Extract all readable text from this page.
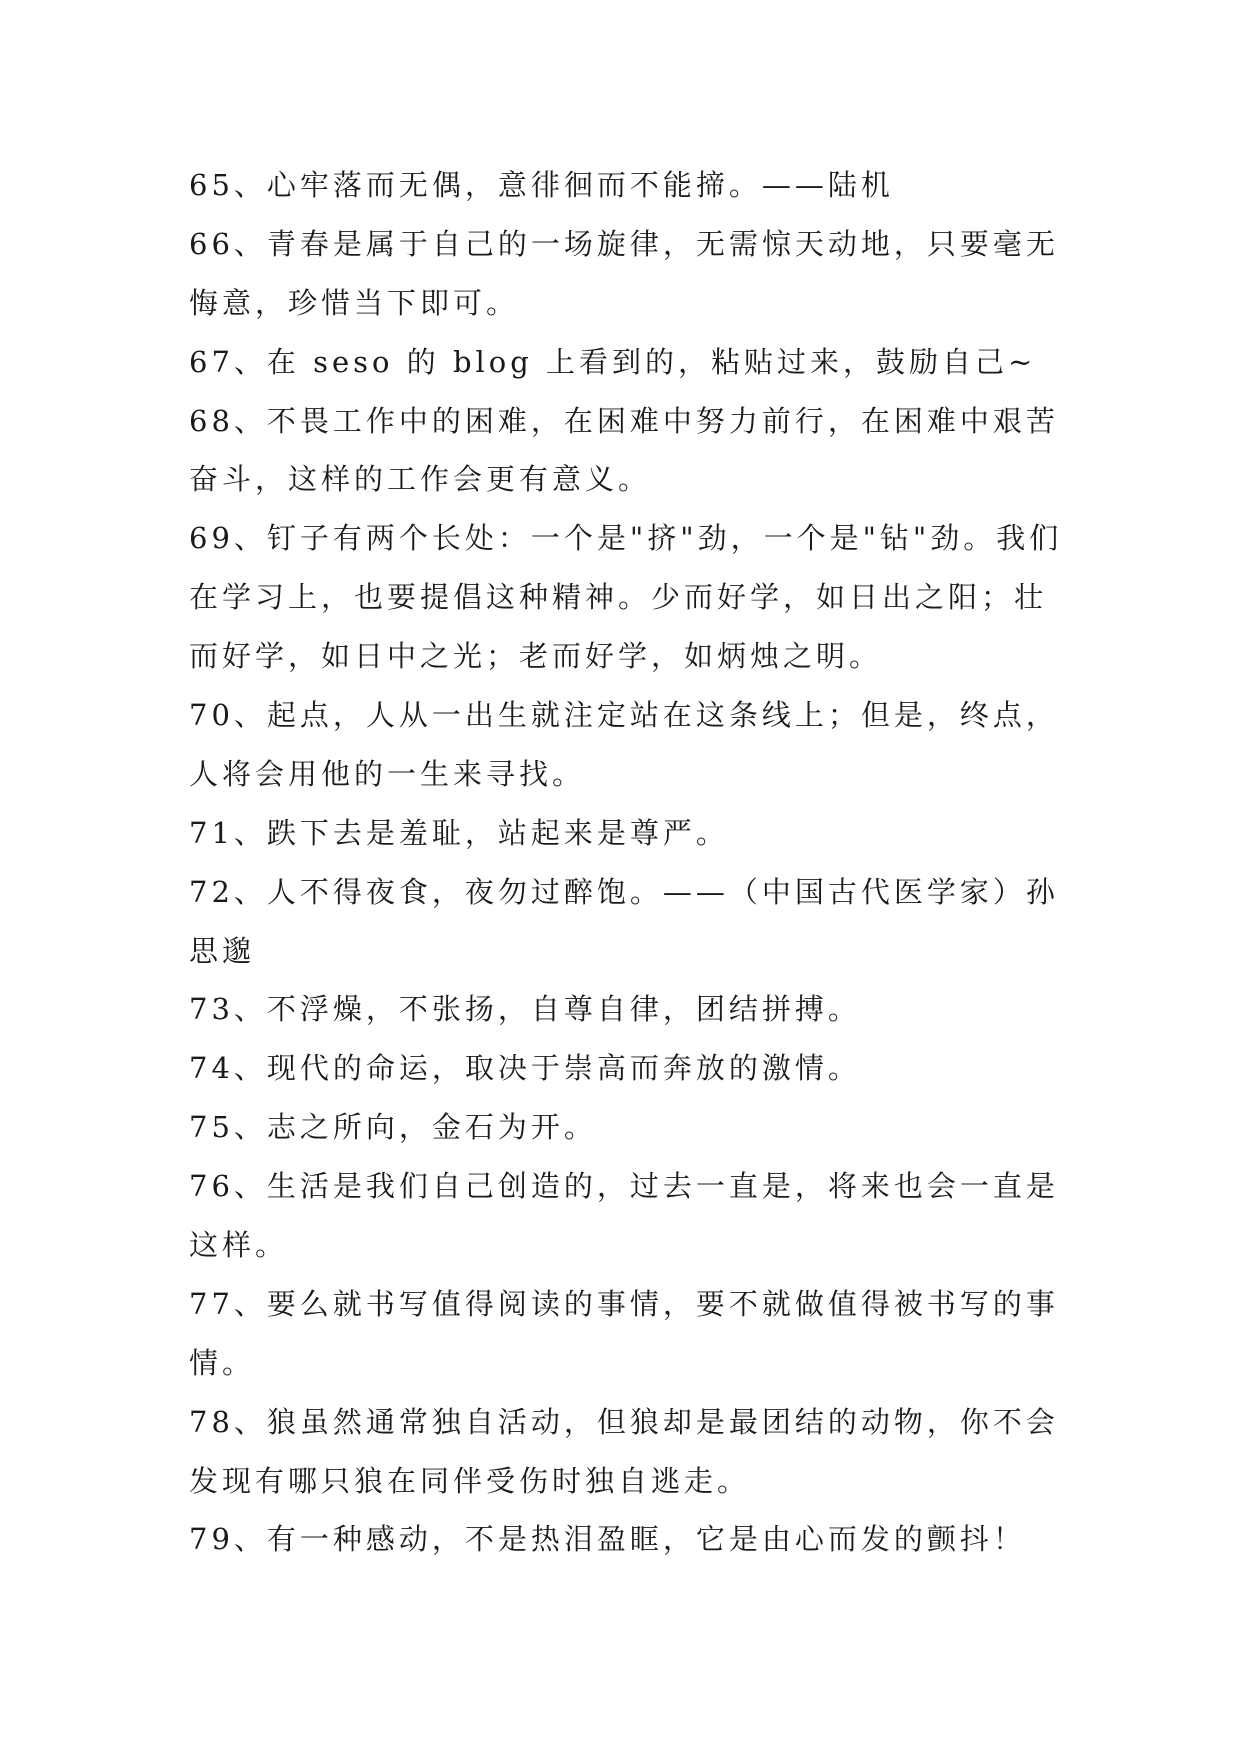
65、心牢落而无偶，意徘徊而不能揥。——陆机
66、青春是属于自己的一场旋律，无需惊天动地，只要毫无
悔意，珍惜当下即可。
67、在 seso 的 blog 上看到的，粘贴过来，鼓励自己~
68、不畏工作中的困难，在困难中努力前行，在困难中艰苦
奋斗，这样的工作会更有意义。
69、钉子有两个长处：一个是"挤"劲，一个是"钻"劲。我们
在学习上，也要提倡这种精神。少而好学，如日出之阳；壮
而好学，如日中之光；老而好学，如炳烛之明。
70、起点，人从一出生就注定站在这条线上；但是，终点，
人将会用他的一生来寻找。
71、跌下去是羞耻，站起来是尊严。
72、人不得夜食，夜勿过醉饱。——（中国古代医学家）孙
思邈
73、不浮燥，不张扬，自尊自律，团结拼搏。
74、现代的命运，取决于崇高而奔放的激情。
75、志之所向，金石为开。
76、生活是我们自己创造的，过去一直是，将来也会一直是
这样。
77、要么就书写值得阅读的事情，要不就做值得被书写的事
情。
78、狼虽然通常独自活动，但狼却是最团结的动物，你不会
发现有哪只狼在同伴受伤时独自逃走。
79、有一种感动，不是热泪盈眶，它是由心而发的颤抖！
